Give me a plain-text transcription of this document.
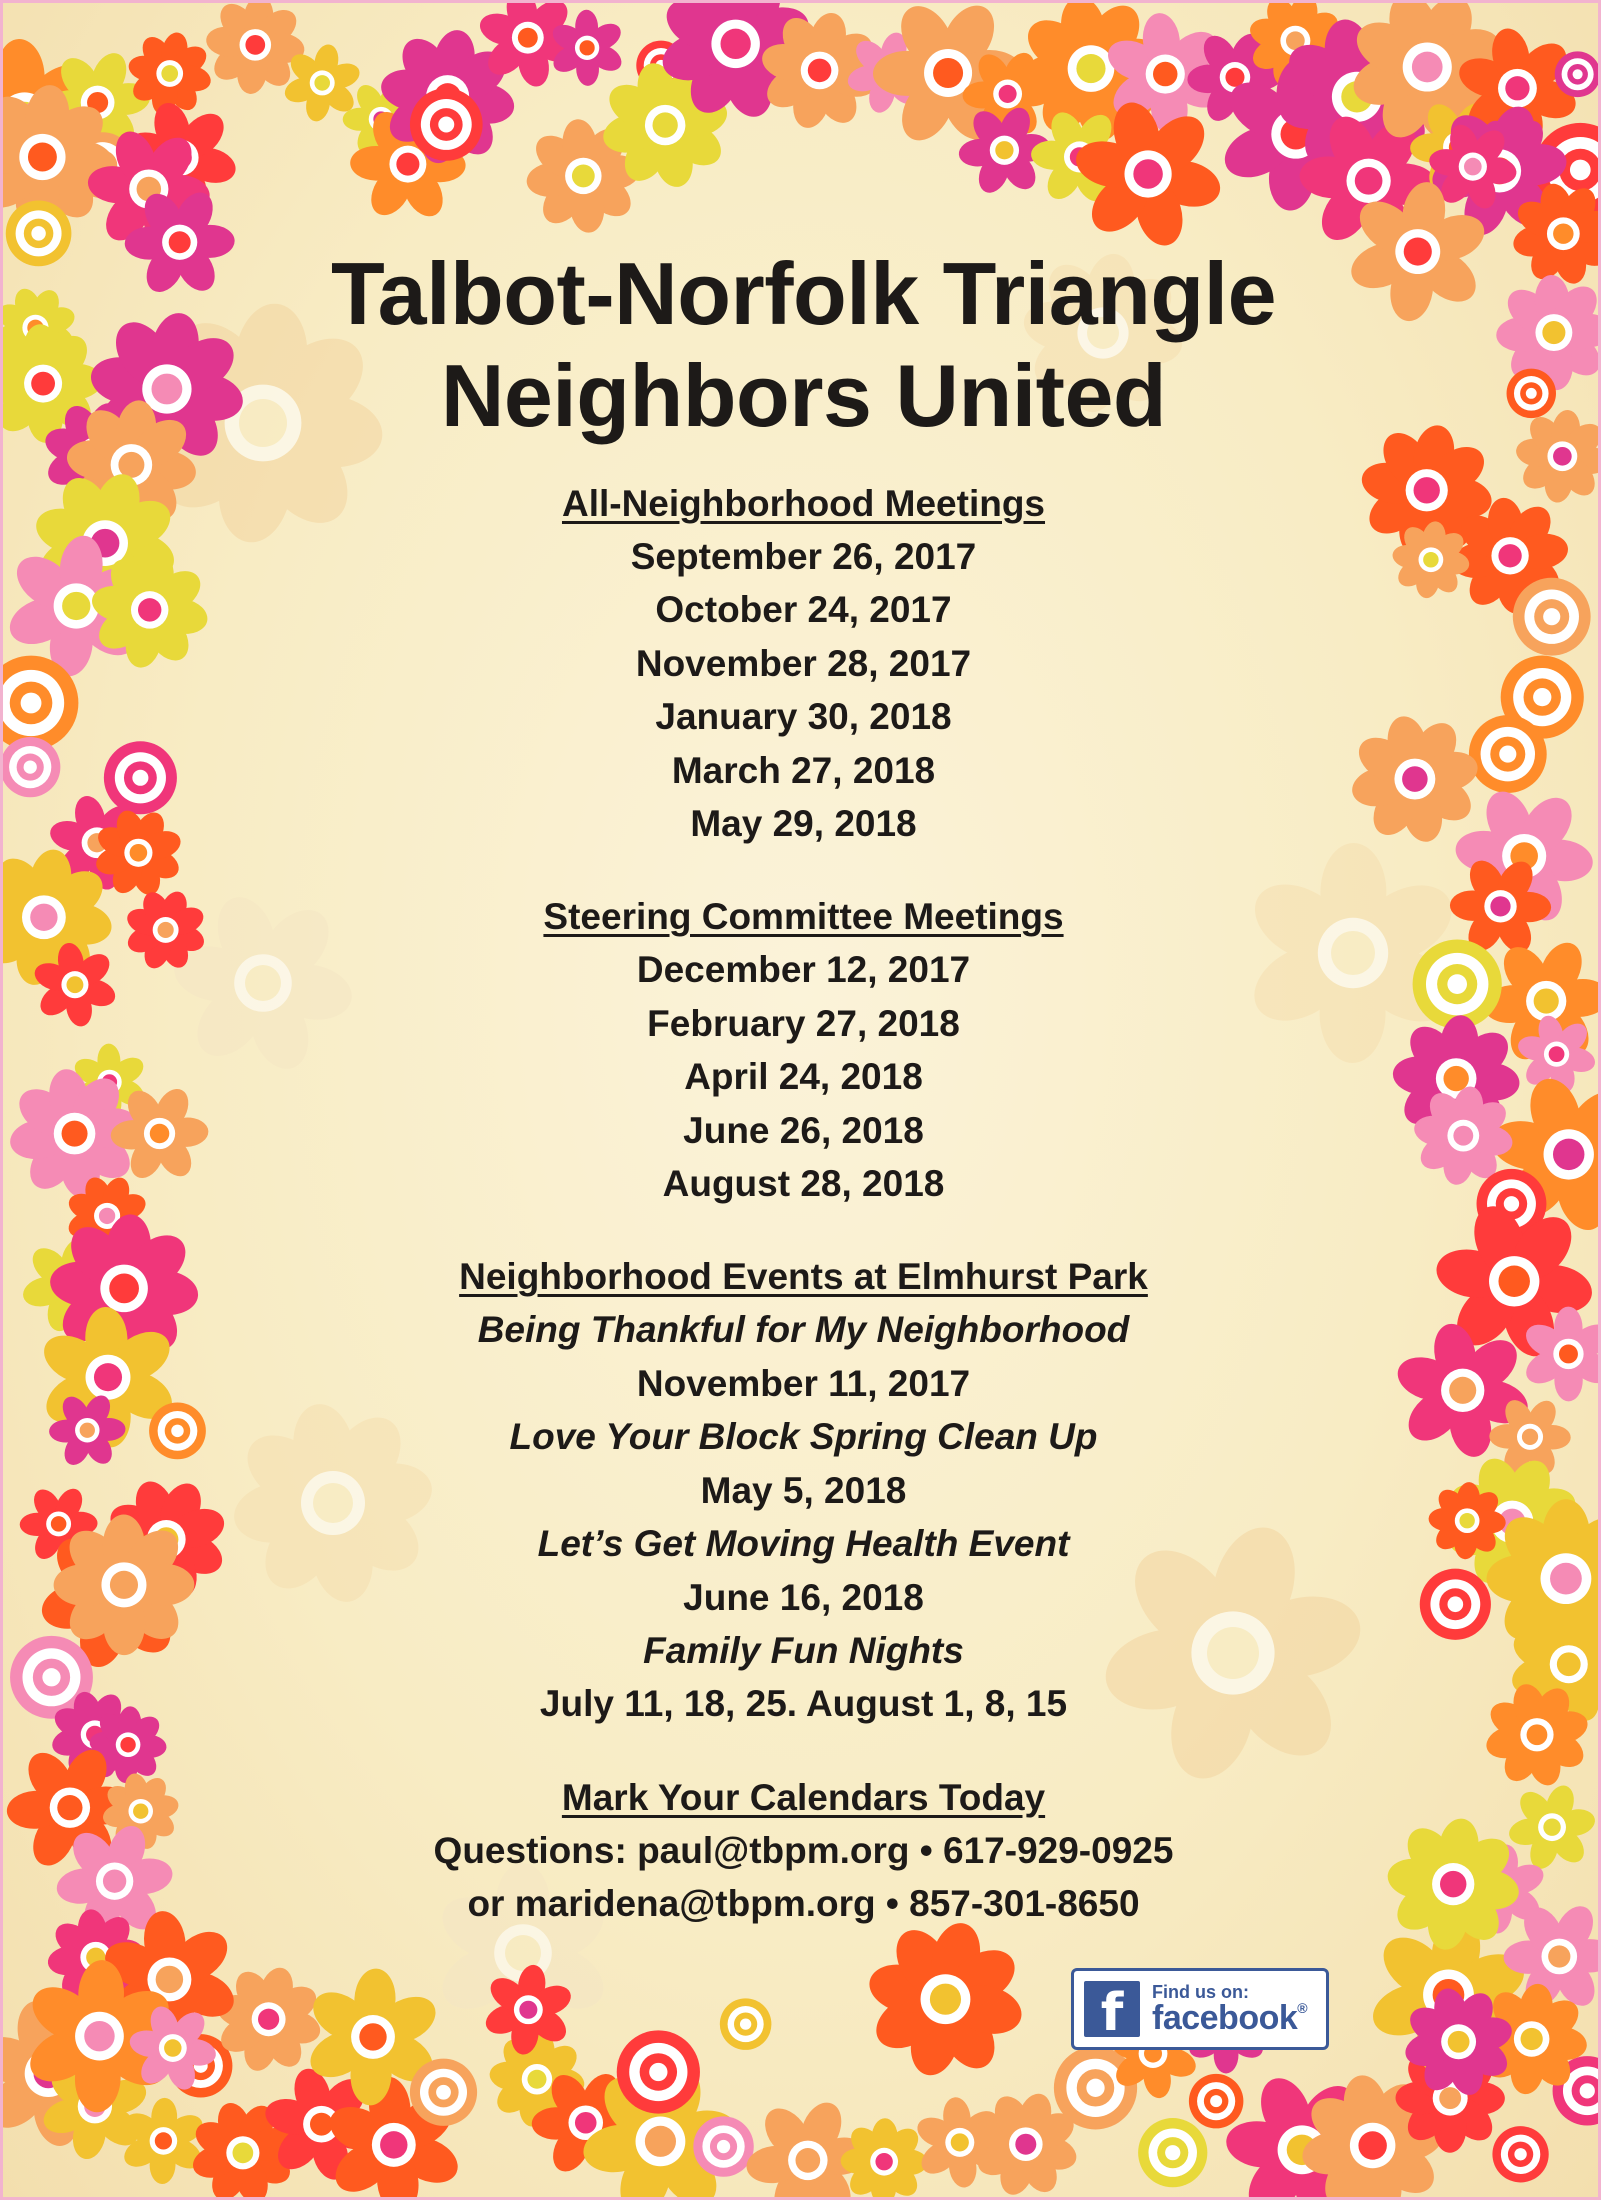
Talbot-Norfolk Triangle
Neighbors United
All-Neighborhood Meetings
September 26, 2017
October 24, 2017
November 28, 2017
January 30, 2018
March 27, 2018
May 29, 2018
Steering Committee Meetings
December 12, 2017
February 27, 2018
April 24, 2018
June 26, 2018
August 28, 2018
Neighborhood Events at Elmhurst Park
Being Thankful for My Neighborhood
November 11, 2017
Love Your Block Spring Clean Up
May 5, 2018
Let’s Get Moving Health Event
June 16, 2018
Family Fun Nights
July 11, 18, 25. August 1, 8, 15
Mark Your Calendars Today
Questions: paul@tbpm.org • 617-929-0925
or maridena@tbpm.org • 857-301-8650
f	Find us on:
facebook®
